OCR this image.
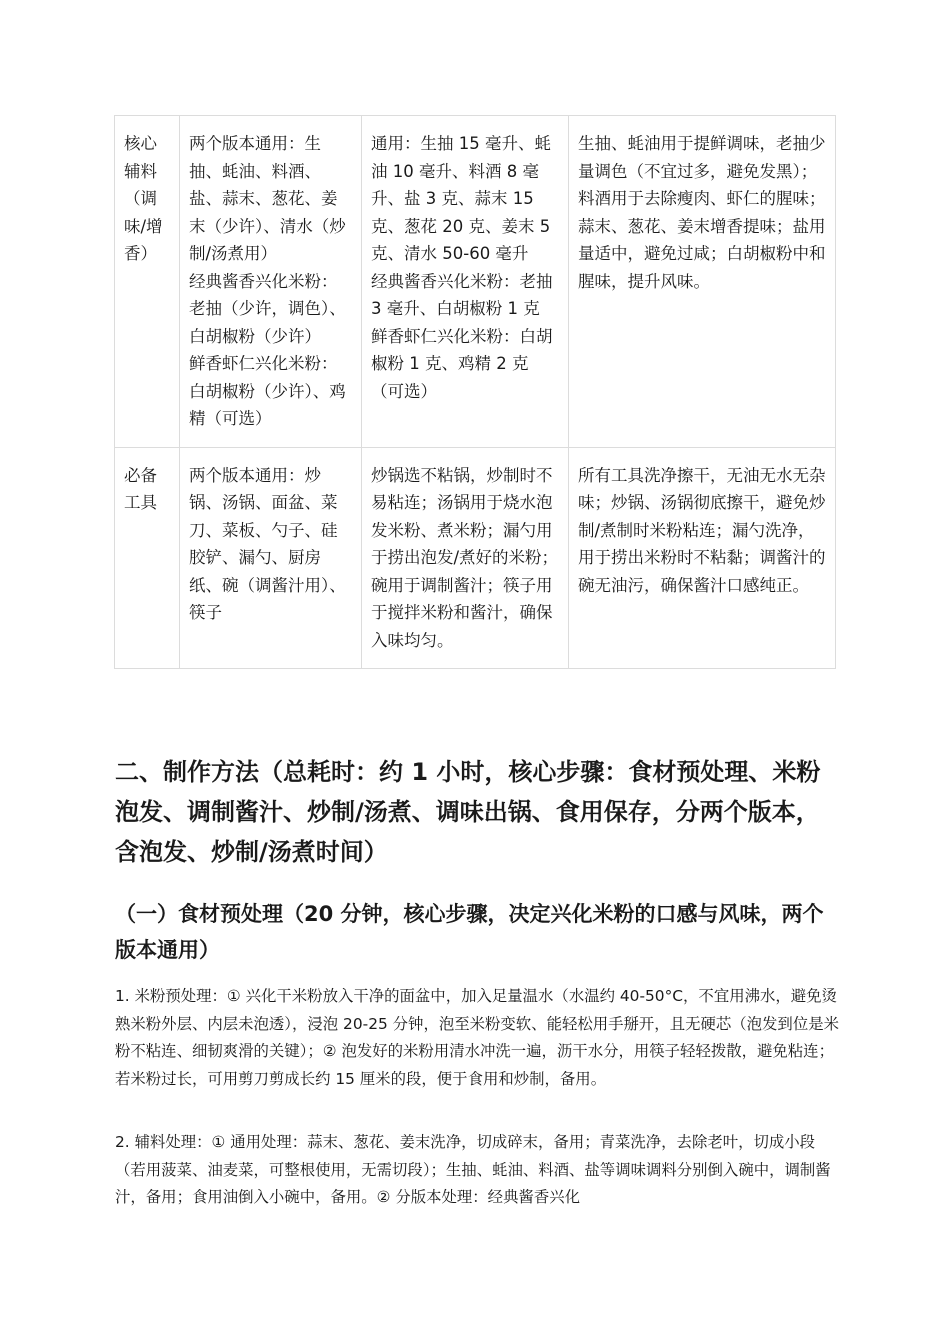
核心
辅料
（调
味/增
香）	两个版本通用：生抽、蚝油、料酒、盐、蒜末、葱花、姜末（少许）、清水（炒制/汤煮用）
经典酱香兴化米粉：老抽（少许，调色）、白胡椒粉（少许）
鲜香虾仁兴化米粉：白胡椒粉（少许）、鸡精（可选）	通用：生抽 15 毫升、蚝油 10 毫升、料酒 8 毫升、盐 3 克、蒜末 15 克、葱花 20 克、姜末 5 克、清水 50-60 毫升
经典酱香兴化米粉：老抽 3 毫升、白胡椒粉 1 克
鲜香虾仁兴化米粉：白胡椒粉 1 克、鸡精 2 克（可选）	生抽、蚝油用于提鲜调味，老抽少量调色（不宜过多，避免发黑）；料酒用于去除瘦肉、虾仁的腥味；蒜末、葱花、姜末增香提味；盐用量适中，避免过咸；白胡椒粉中和腥味，提升风味。
必备
工具	两个版本通用：炒锅、汤锅、面盆、菜刀、菜板、勺子、硅胶铲、漏勺、厨房纸、碗（调酱汁用）、筷子	炒锅选不粘锅，炒制时不易粘连；汤锅用于烧水泡发米粉、煮米粉；漏勺用于捞出泡发/煮好的米粉；碗用于调制酱汁；筷子用于搅拌米粉和酱汁，确保入味均匀。	所有工具洗净擦干，无油无水无杂味；炒锅、汤锅彻底擦干，避免炒制/煮制时米粉粘连；漏勺洗净，用于捞出米粉时不粘黏；调酱汁的碗无油污，确保酱汁口感纯正。
二、制作方法（总耗时：约 1 小时，核心步骤：食材预处理、米粉泡发、调制酱汁、炒制/汤煮、调味出锅、食用保存，分两个版本，含泡发、炒制/汤煮时间）
（一）食材预处理（20 分钟，核心步骤，决定兴化米粉的口感与风味，两个版本通用）

1. 米粉预处理：① 兴化干米粉放入干净的面盆中，加入足量温水（水温约 40-50°C，不宜用沸水，避免烫熟米粉外层、内层未泡透），浸泡 20-25 分钟，泡至米粉变软、能轻松用手掰开，且无硬芯（泡发到位是米粉不粘连、细韧爽滑的关键）；② 泡发好的米粉用清水冲洗一遍，沥干水分，用筷子轻轻拨散，避免粘连；若米粉过长，可用剪刀剪成长约 15 厘米的段，便于食用和炒制，备用。

2. 辅料处理：① 通用处理：蒜末、葱花、姜末洗净，切成碎末，备用；青菜洗净，去除老叶，切成小段（若用菠菜、油麦菜，可整根使用，无需切段）；生抽、蚝油、料酒、盐等调味调料分别倒入碗中，调制酱汁，备用；食用油倒入小碗中，备用。② 分版本处理：经典酱香兴化
